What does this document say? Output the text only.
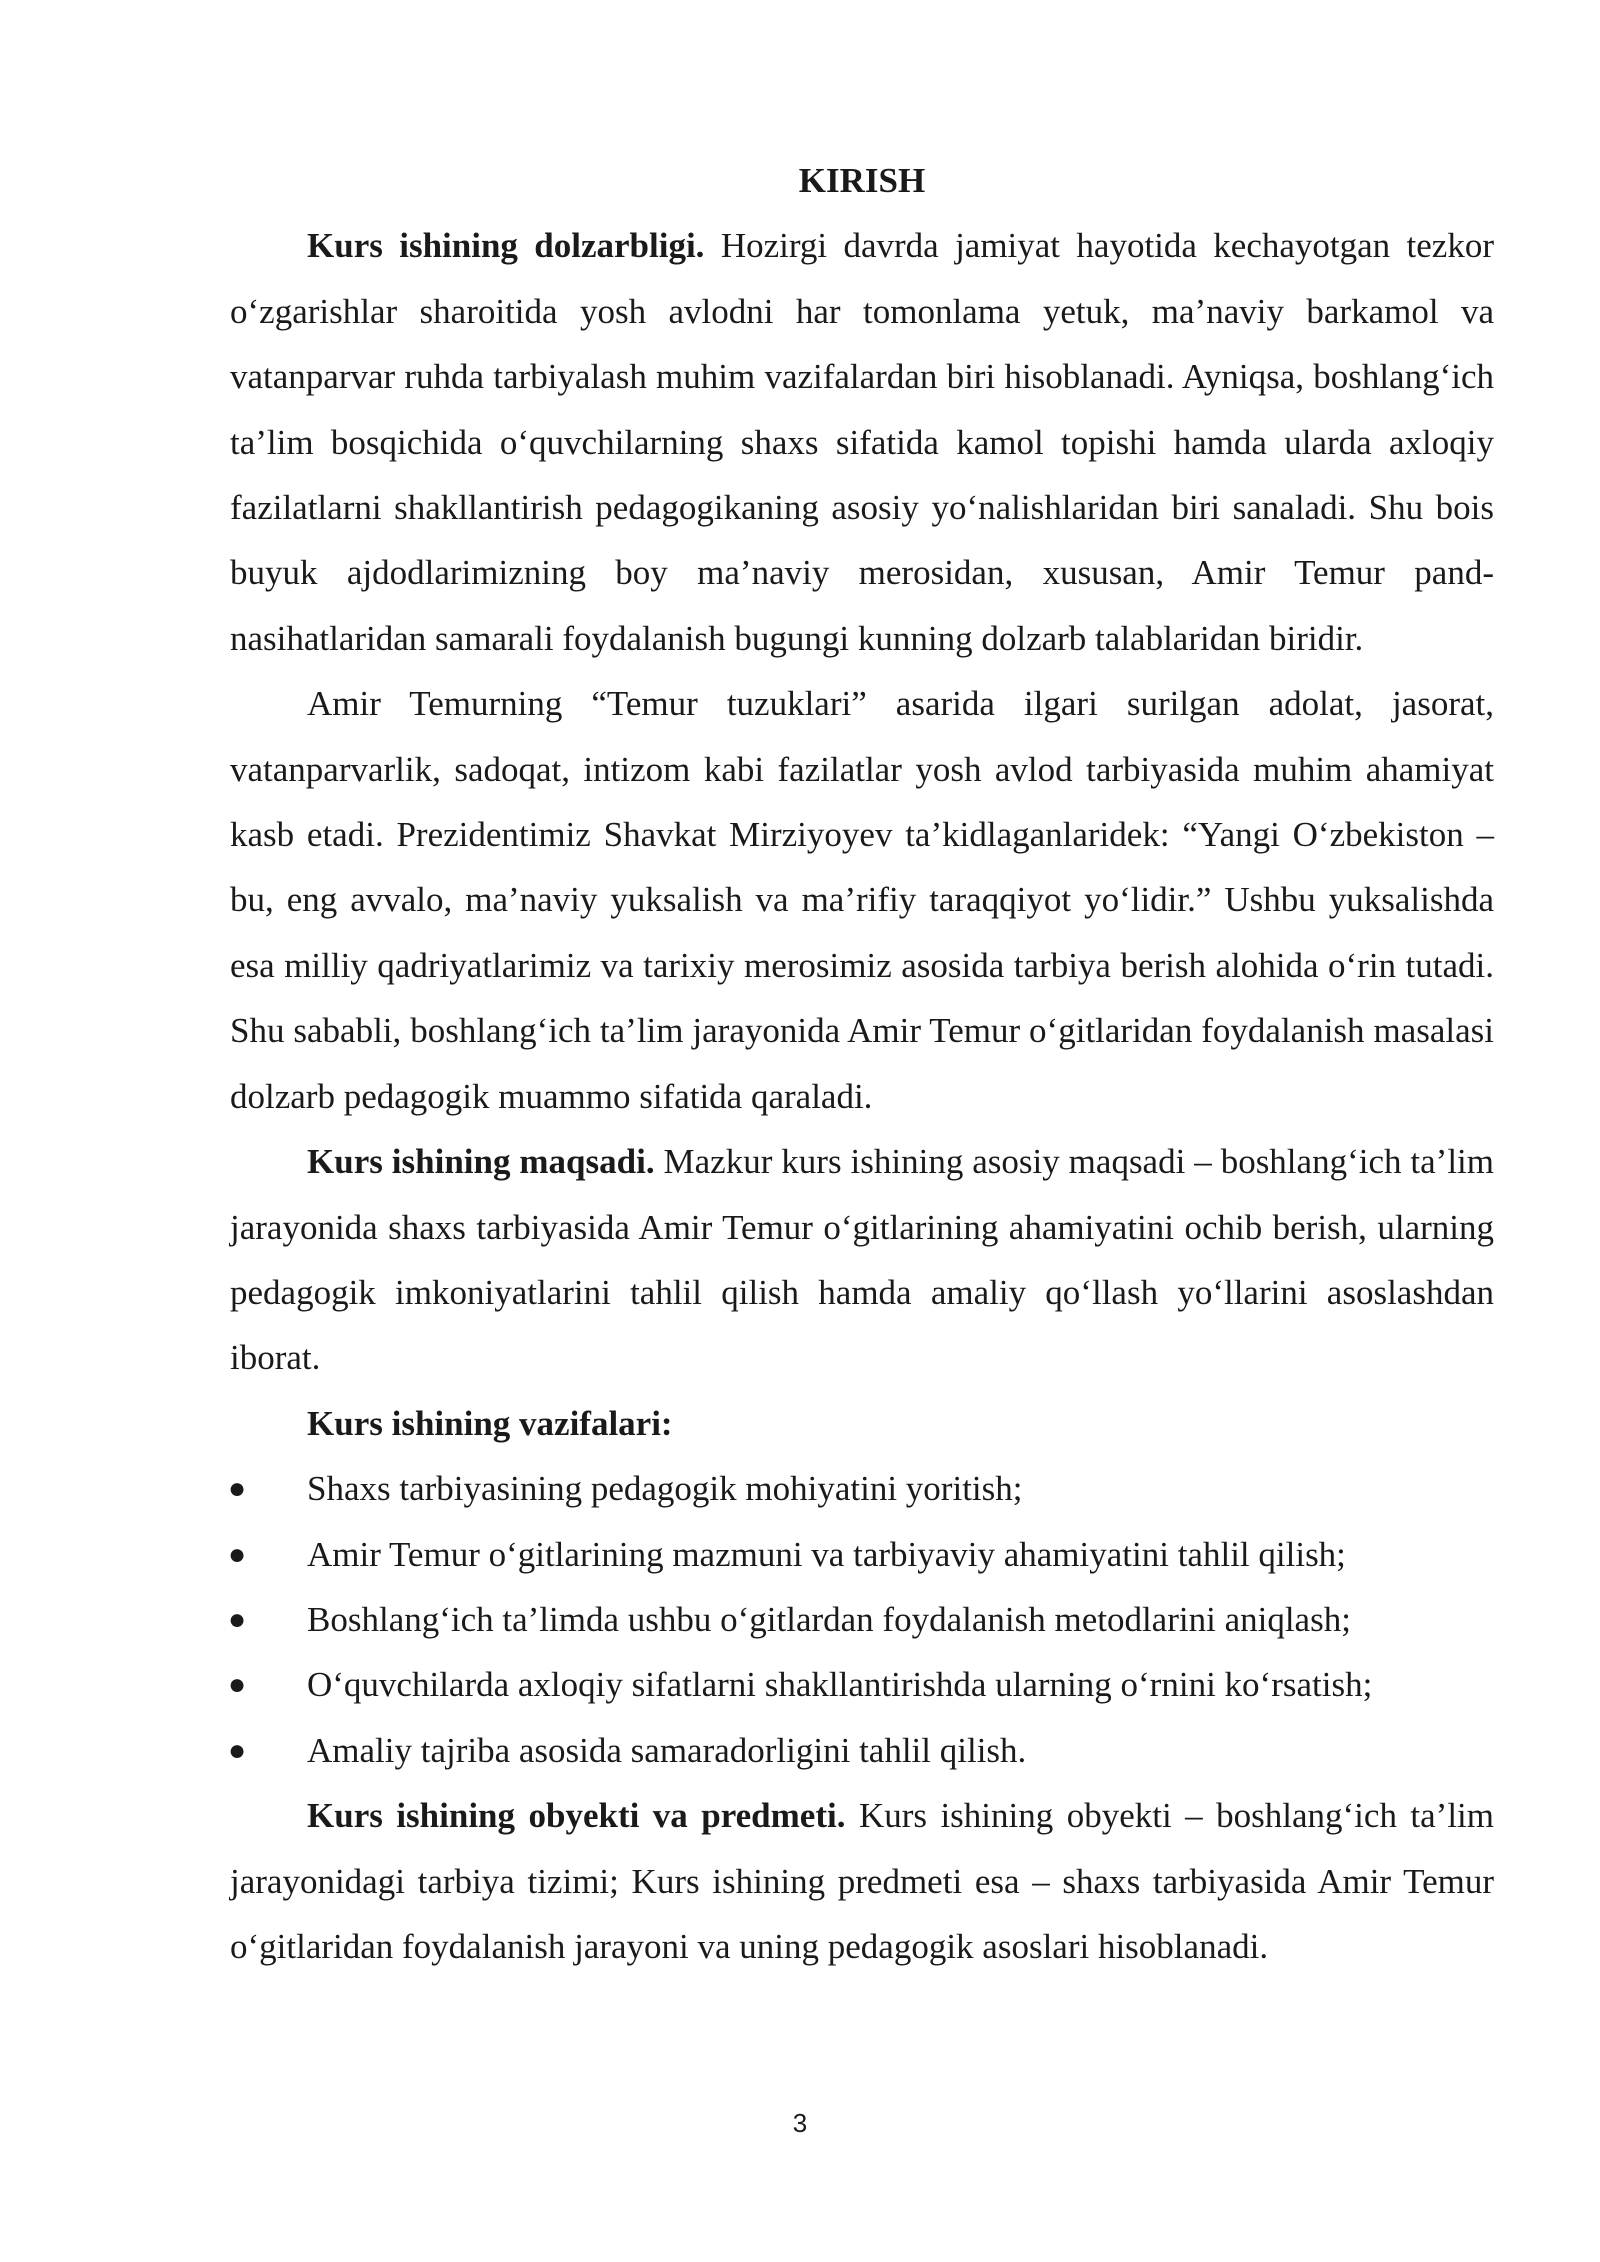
KIRISH

Kurs ishining dolzarbligi. Hozirgi davrda jamiyat hayotida kechayotgan tezkor o‘zgarishlar sharoitida yosh avlodni har tomonlama yetuk, ma’naviy barkamol va vatanparvar ruhda tarbiyalash muhim vazifalardan biri hisoblanadi. Ayniqsa, boshlang‘ich ta’lim bosqichida o‘quvchilarning shaxs sifatida kamol topishi hamda ularda axloqiy fazilatlarni shakllantirish pedagogikaning asosiy yo‘nalishlaridan biri sanaladi. Shu bois buyuk ajdodlarimizning boy ma’naviy merosidan, xususan, Amir Temur pand-nasihatlaridan samarali foydalanish bugungi kunning dolzarb talablaridan biridir.

Amir Temurning “Temur tuzuklari” asarida ilgari surilgan adolat, jasorat, vatanparvarlik, sadoqat, intizom kabi fazilatlar yosh avlod tarbiyasida muhim ahamiyat kasb etadi. Prezidentimiz Shavkat Mirziyoyev ta’kidlaganlaridek: “Yangi O‘zbekiston – bu, eng avvalo, ma’naviy yuksalish va ma’rifiy taraqqiyot yo‘lidir.” Ushbu yuksalishda esa milliy qadriyatlarimiz va tarixiy merosimiz asosida tarbiya berish alohida o‘rin tutadi. Shu sababli, boshlang‘ich ta’lim jarayonida Amir Temur o‘gitlaridan foydalanish masalasi dolzarb pedagogik muammo sifatida qaraladi.

Kurs ishining maqsadi. Mazkur kurs ishining asosiy maqsadi – boshlang‘ich ta’lim jarayonida shaxs tarbiyasida Amir Temur o‘gitlarining ahamiyatini ochib berish, ularning pedagogik imkoniyatlarini tahlil qilish hamda amaliy qo‘llash yo‘llarini asoslashdan iborat.

Kurs ishining vazifalari:

● Shaxs tarbiyasining pedagogik mohiyatini yoritish;
● Amir Temur o‘gitlarining mazmuni va tarbiyaviy ahamiyatini tahlil qilish;
● Boshlang‘ich ta’limda ushbu o‘gitlardan foydalanish metodlarini aniqlash;
● O‘quvchilarda axloqiy sifatlarni shakllantirishda ularning o‘rnini ko‘rsatish;
● Amaliy tajriba asosida samaradorligini tahlil qilish.

Kurs ishining obyekti va predmeti. Kurs ishining obyekti – boshlang‘ich ta’lim jarayonidagi tarbiya tizimi; Kurs ishining predmeti esa – shaxs tarbiyasida Amir Temur o‘gitlaridan foydalanish jarayoni va uning pedagogik asoslari hisoblanadi.

3
